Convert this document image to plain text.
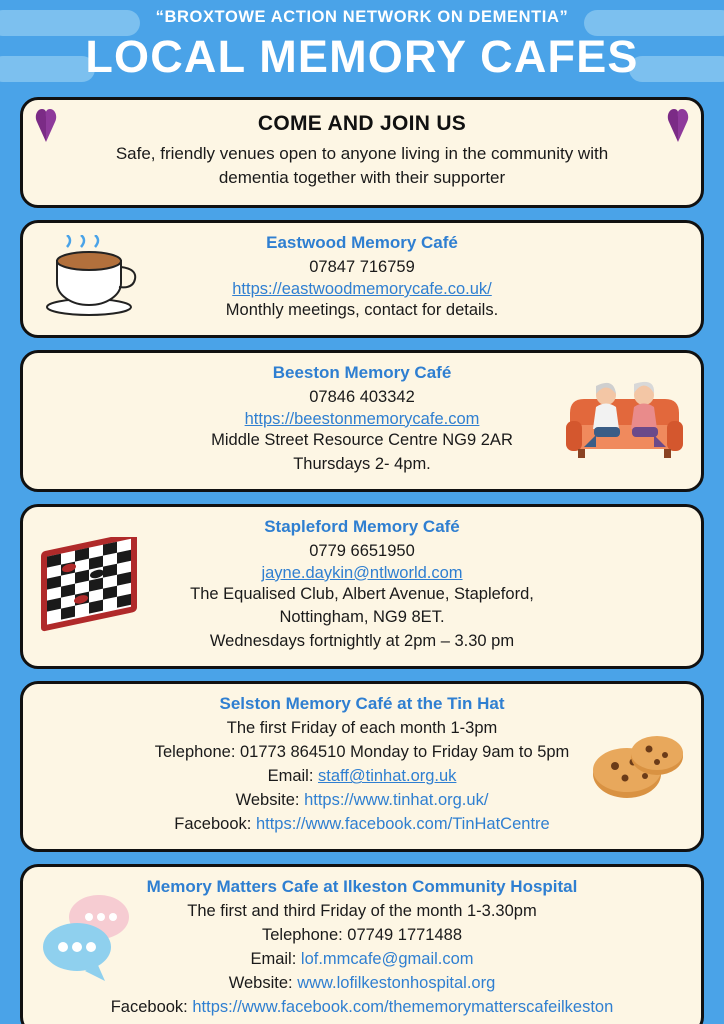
“BROXTOWE ACTION NETWORK ON DEMENTIA”
LOCAL MEMORY CAFES
COME AND JOIN US
Safe, friendly venues open to anyone living in the community with
dementia together with their supporter
Eastwood Memory Café
07847 716759
https://eastwoodmemorycafe.co.uk/
Monthly meetings, contact for details.
Beeston Memory Café
07846 403342
https://beestonmemorycafe.com
Middle Street Resource Centre NG9 2AR
Thursdays 2- 4pm.
Stapleford Memory Café
0779 6651950
jayne.daykin@ntlworld.com
The Equalised Club, Albert Avenue, Stapleford,
Nottingham, NG9 8ET.
Wednesdays fortnightly at 2pm – 3.30 pm
Selston Memory Café at the Tin Hat
The first Friday of each month 1-3pm
Telephone: 01773 864510 Monday to Friday 9am to 5pm
Email: staff@tinhat.org.uk
Website: https://www.tinhat.org.uk/
Facebook: https://www.facebook.com/TinHatCentre
Memory Matters Cafe at Ilkeston Community Hospital
The first and third Friday of the month 1-3.30pm
Telephone: 07749 1771488
Email: lof.mmcafe@gmail.com
Website: www.lofilkestonhospital.org
Facebook: https://www.facebook.com/thememorymatterscafeilkeston
